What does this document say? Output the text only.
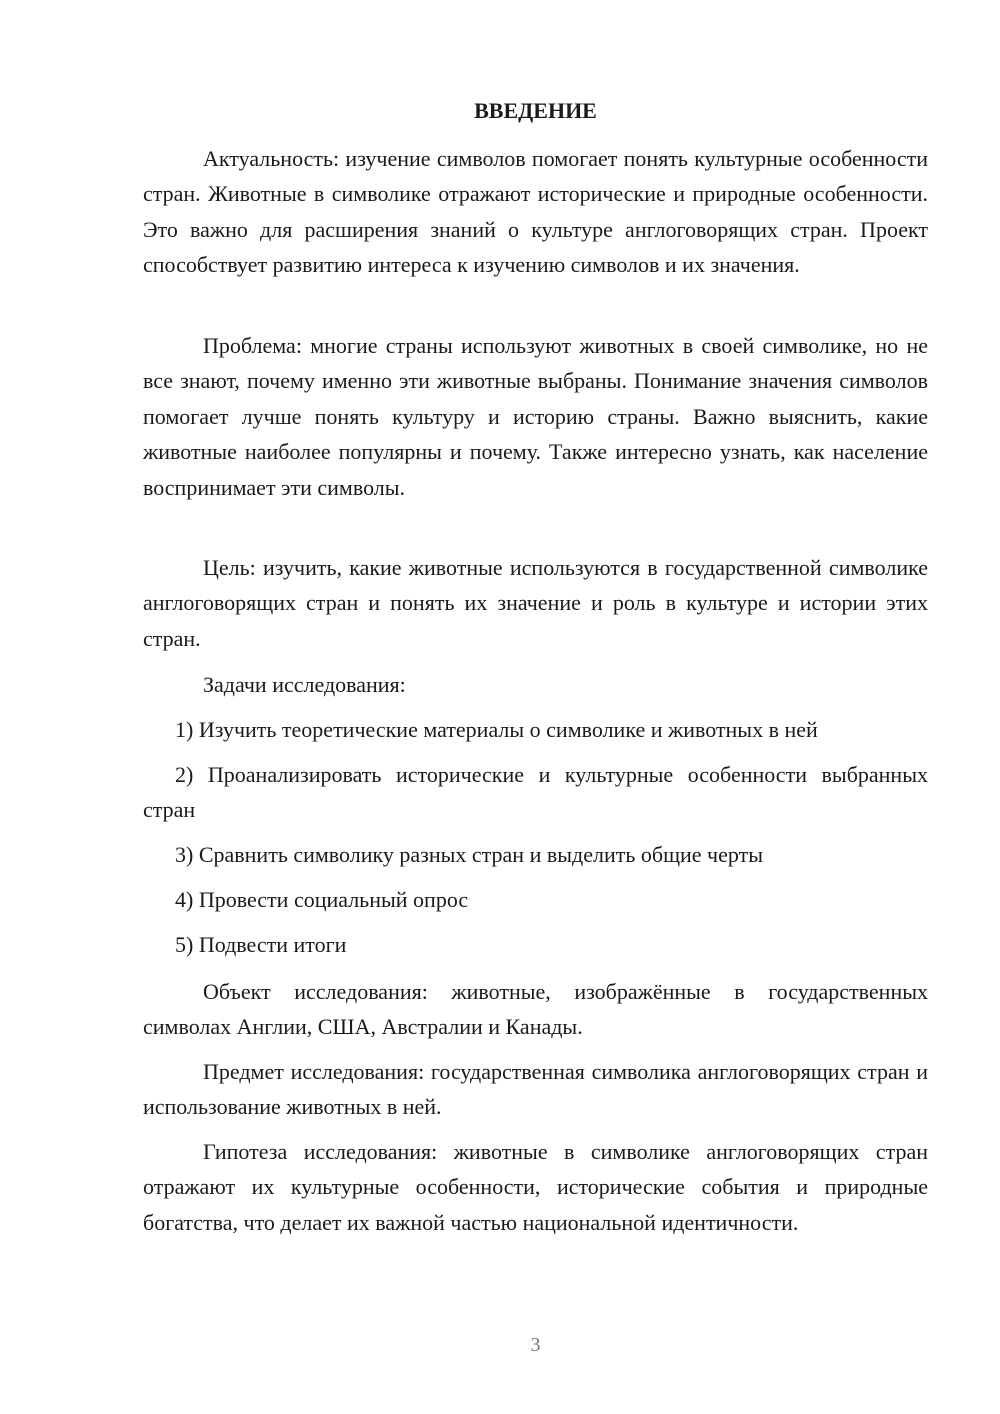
ВВЕДЕНИЕ

Актуальность: изучение символов помогает понять культурные особенности стран. Животные в символике отражают исторические и природные особенности. Это важно для расширения знаний о культуре англоговорящих стран. Проект способствует развитию интереса к изучению символов и их значения.

Проблема: многие страны используют животных в своей символике, но не все знают, почему именно эти животные выбраны. Понимание значения символов помогает лучше понять культуру и историю страны. Важно выяснить, какие животные наиболее популярны и почему. Также интересно узнать, как население воспринимает эти символы.

Цель: изучить, какие животные используются в государственной символике англоговорящих стран и понять их значение и роль в культуре и истории этих стран.

Задачи исследования:

1) Изучить теоретические материалы о символике и животных в ней

2) Проанализировать исторические и культурные особенности выбранных стран

3) Сравнить символику разных стран и выделить общие черты

4) Провести социальный опрос

5) Подвести итоги

Объект исследования: животные, изображённые в государственных символах Англии, США, Австралии и Канады.

Предмет исследования: государственная символика англоговорящих стран и использование животных в ней.

Гипотеза исследования: животные в символике англоговорящих стран отражают их культурные особенности, исторические события и природные богатства, что делает их важной частью национальной идентичности.

3
